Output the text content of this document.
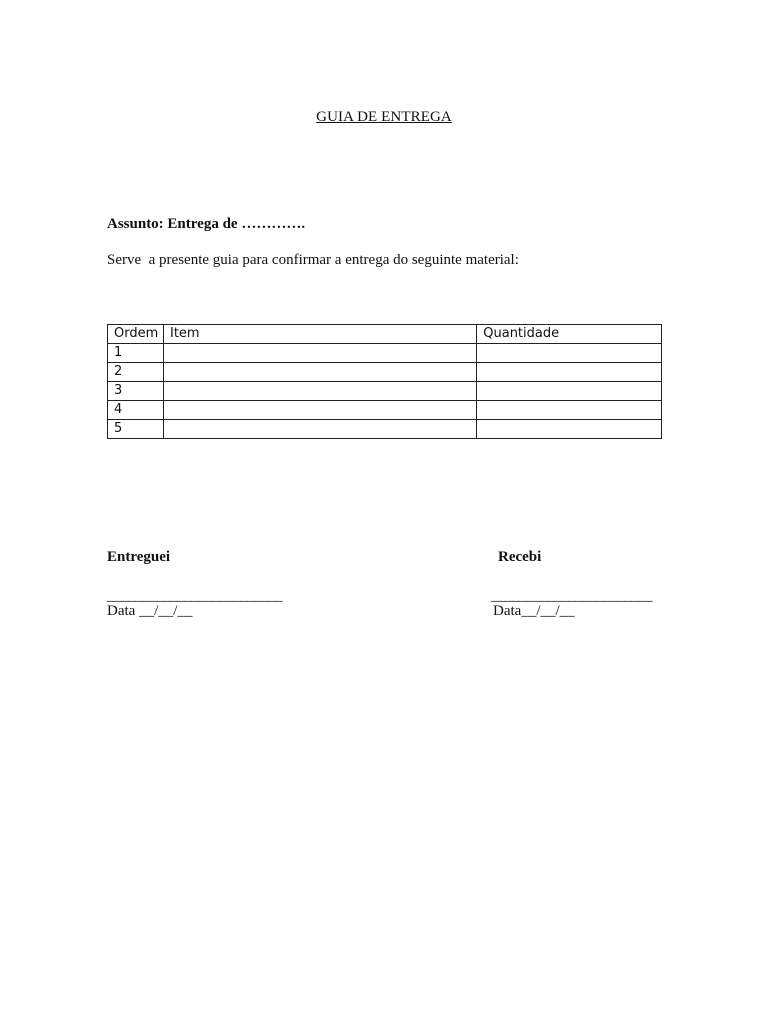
GUIA DE ENTREGA
Assunto: Entrega de ………….
Serve  a presente guia para confirmar a entrega do seguinte material:
Ordem	Item	Quantidade
1		
2		
3		
4		
5		
Entreguei	Recebi
_________________________	_______________________
Data __/__/__	Data__/__/__
